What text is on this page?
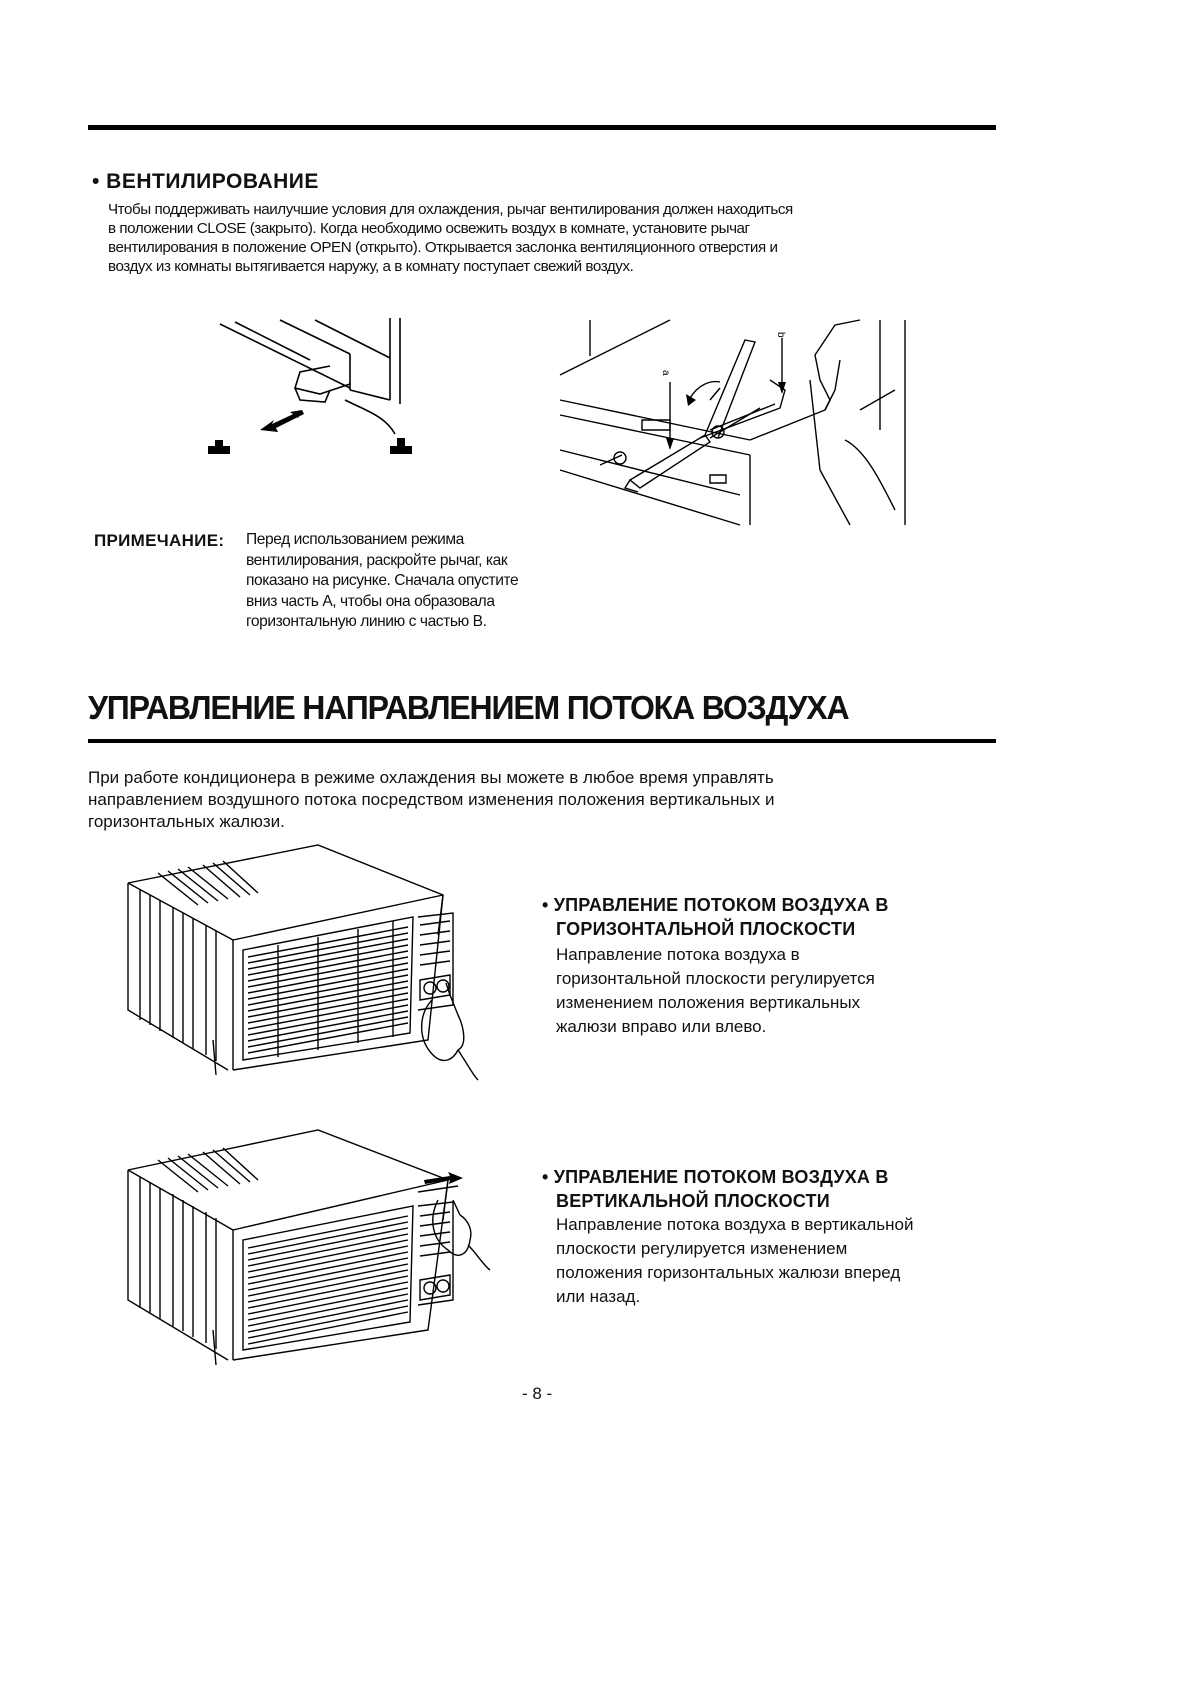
• ВЕНТИЛИРОВАНИЕ
Чтобы поддерживать наилучшие условия для охлаждения, рычаг вентилирования должен находиться
в положении CLOSE (закрыто). Когда необходимо освежить воздух в комнате, установите рычаг
вентилирования в положение OPEN (открыто). Открывается заслонка вентиляционного отверстия и
воздух из комнаты вытягивается наружу, а в комнату поступает свежий воздух.
a
b
ПРИМЕЧАНИЕ: Перед использованием режима
вентилирования, раскройте рычаг, как
показано на рисунке. Сначала опустите
вниз часть A, чтобы она образовала
горизонтальную линию с частью B.
УПРАВЛЕНИЕ НАПРАВЛЕНИЕМ ПОТОКА ВОЗДУХА
При работе кондиционера в режиме охлаждения вы можете в любое время управлять
направлением воздушного потока посредством изменения положения вертикальных и
горизонтальных жалюзи.
• УПРАВЛЕНИЕ ПОТОКОМ ВОЗДУХА В
ГОРИЗОНТАЛЬНОЙ ПЛОСКОСТИ
Направление потока воздуха в
горизонтальной плоскости регулируется
изменением положения вертикальных
жалюзи вправо или влево.
• УПРАВЛЕНИЕ ПОТОКОМ ВОЗДУХА В
ВЕРТИКАЛЬНОЙ ПЛОСКОСТИ
Направление потока воздуха в вертикальной
плоскости регулируется изменением
положения горизонтальных жалюзи вперед
или назад.
- 8 -
